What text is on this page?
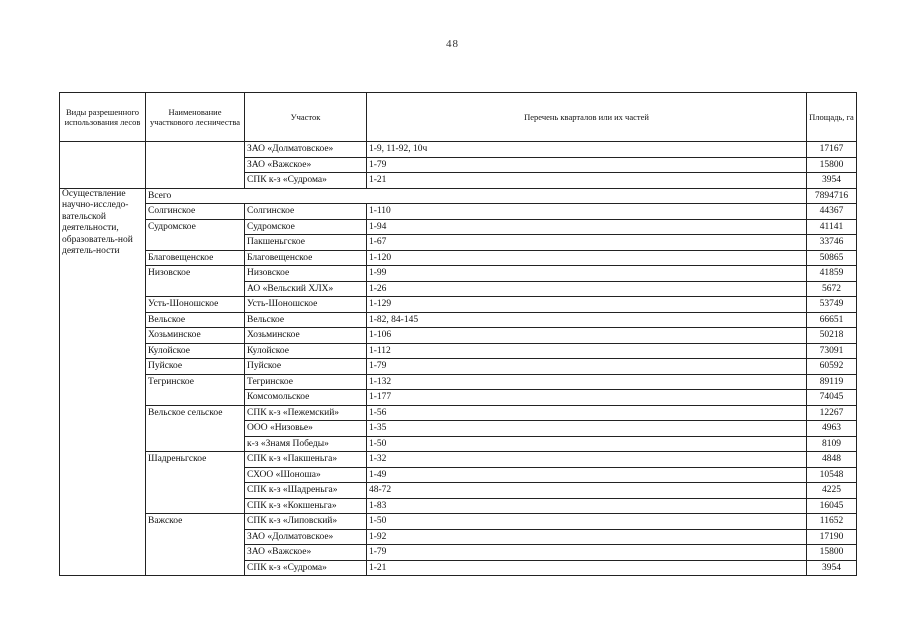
48
Виды разрешенного использования лесов	Наименование участкового лесничества	Участок	Перечень кварталов или их частей	Площадь, га
		ЗАО «Долматовское»	1-9, 11-92, 10ч	17167
		ЗАО «Важское»	1-79	15800
		СПК к-з «Судрома»	1-21	3954
Осуществление научно-исследо-вательской деятельности, образователь-ной деятель-ности	Всего			7894716
	Солгинское	Солгинское	1-110	44367
	Судромское	Судромское	1-94	41141
		Пакшеньгское	1-67	33746
	Благовещенское	Благовещенское	1-120	50865
	Низовское	Низовское	1-99	41859
		АО «Вельский ХЛХ»	1-26	5672
	Усть-Шоношское	Усть-Шоношское	1-129	53749
	Вельское	Вельское	1-82, 84-145	66651
	Хозьминское	Хозьминское	1-106	50218
	Кулойское	Кулойское	1-112	73091
	Пуйское	Пуйское	1-79	60592
	Тегринское	Тегринское	1-132	89119
		Комсомольское	1-177	74045
	Вельское сельское	СПК к-з «Пежемский»	1-56	12267
		ООО «Низовье»	1-35	4963
		к-з «Знамя Победы»	1-50	8109
	Шадреньгское	СПК к-з «Пакшеньга»	1-32	4848
		СХОО «Шоноша»	1-49	10548
		СПК к-з «Шадреньга»	48-72	4225
		СПК к-з «Кокшеньга»	1-83	16045
	Важское	СПК к-з «Липовский»	1-50	11652
		ЗАО «Долматовское»	1-92	17190
		ЗАО «Важское»	1-79	15800
		СПК к-з «Судрома»	1-21	3954
